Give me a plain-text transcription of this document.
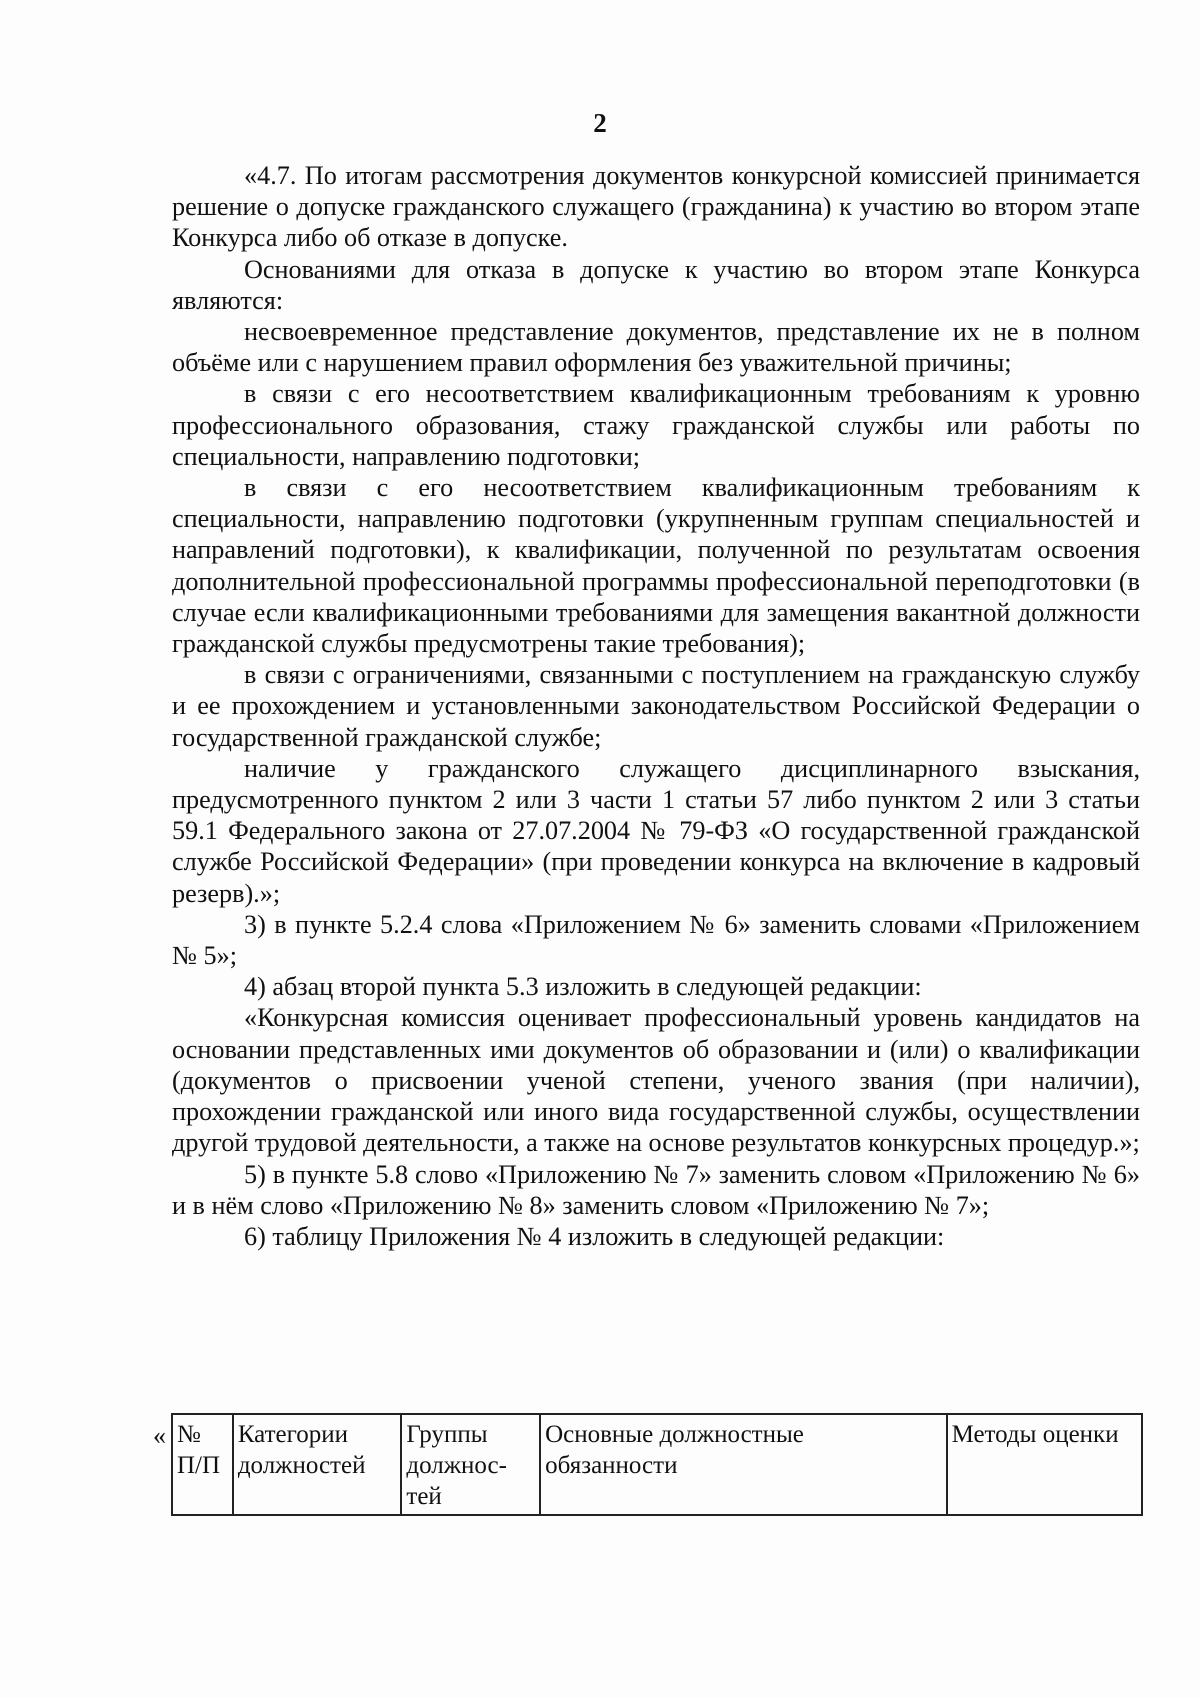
2

«4.7. По итогам рассмотрения документов конкурсной комиссией принимается решение о допуске гражданского служащего (гражданина) к участию во втором этапе Конкурса либо об отказе в допуске.

Основаниями для отказа в допуске к участию во втором этапе Конкурса являются:

несвоевременное представление документов, представление их не в полном объёме или с нарушением правил оформления без уважительной причины;

в связи с его несоответствием квалификационным требованиям к уровню профессионального образования, стажу гражданской службы или работы по специальности, направлению подготовки;

в связи с его несоответствием квалификационным требованиям к специальности, направлению подготовки (укрупненным группам специальностей и направлений подготовки), к квалификации, полученной по результатам освоения дополнительной профессиональной программы профессиональной переподготовки (в случае если квалификационными требованиями для замещения вакантной должности гражданской службы предусмотрены такие требования);

в связи с ограничениями, связанными с поступлением на гражданскую службу и ее прохождением и установленными законодательством Российской Федерации о государственной гражданской службе;

наличие у гражданского служащего дисциплинарного взыскания, предусмотренного пунктом 2 или 3 части 1 статьи 57 либо пунктом 2 или 3 статьи 59.1 Федерального закона от 27.07.2004 № 79-ФЗ «О государственной гражданской службе Российской Федерации» (при проведении конкурса на включение в кадровый резерв).»;

3) в пункте 5.2.4 слова «Приложением № 6» заменить словами «Приложением № 5»;

4) абзац второй пункта 5.3 изложить в следующей редакции:

«Конкурсная комиссия оценивает профессиональный уровень кандидатов на основании представленных ими документов об образовании и (или) о квалификации (документов о присвоении ученой степени, ученого звания (при наличии), прохождении гражданской или иного вида государственной службы, осуществлении другой трудовой деятельности, а также на основе результатов конкурсных процедур.»;

5) в пункте 5.8 слово «Приложению № 7» заменить словом «Приложению № 6» и в нём слово «Приложению № 8» заменить словом «Приложению № 7»;

6) таблицу Приложения № 4 изложить в следующей редакции:

« № П/П	Категории должностей	Группы должнос-тей	Основные должностные обязанности	Методы оценки
